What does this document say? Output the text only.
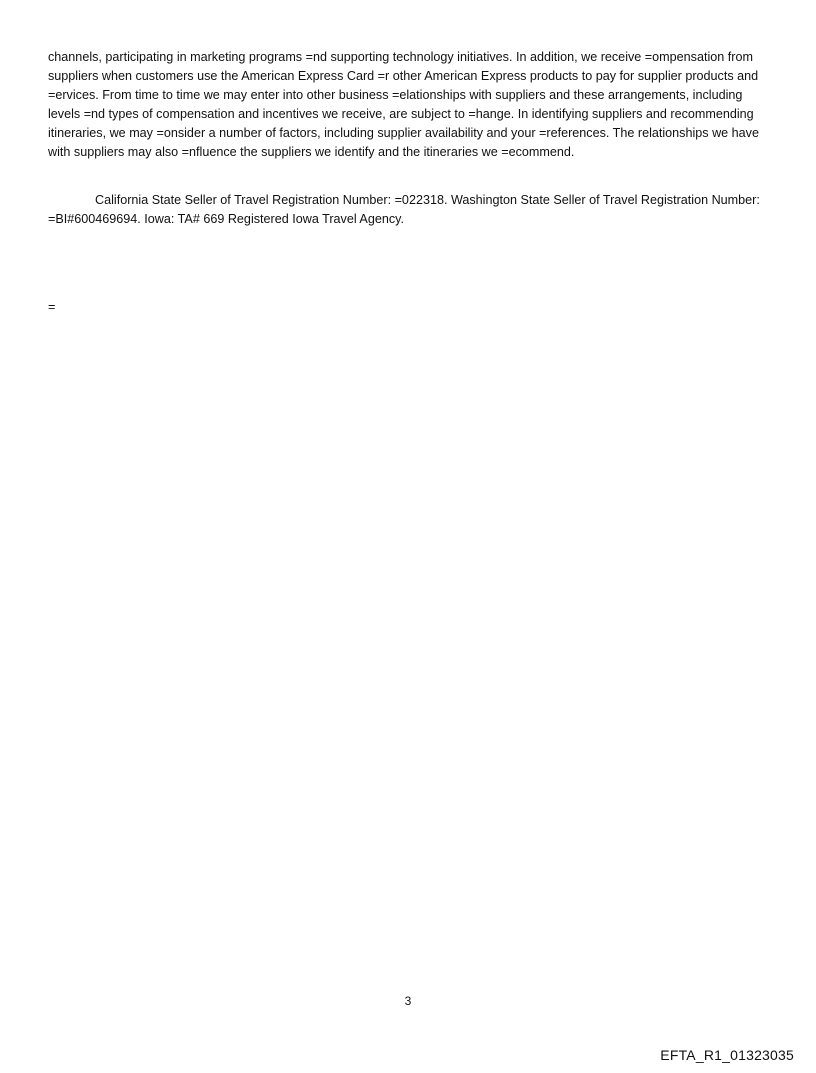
channels, participating in marketing programs =nd supporting technology initiatives. In addition, we receive =ompensation from suppliers when customers use the American Express Card =r other American Express products to pay for supplier products and =ervices. From time to time we may enter into other business =elationships with suppliers and these arrangements, including levels =nd types of compensation and incentives we receive, are subject to =hange. In identifying suppliers and recommending itineraries, we may =onsider a number of factors, including supplier availability and your =references. The relationships we have with suppliers may also =nfluence the suppliers we identify and the itineraries we =ecommend.
California State Seller of Travel Registration Number: =022318. Washington State Seller of Travel Registration Number: =BI#600469694. Iowa: TA# 669 Registered Iowa Travel Agency.
=
3
EFTA_R1_01323035
